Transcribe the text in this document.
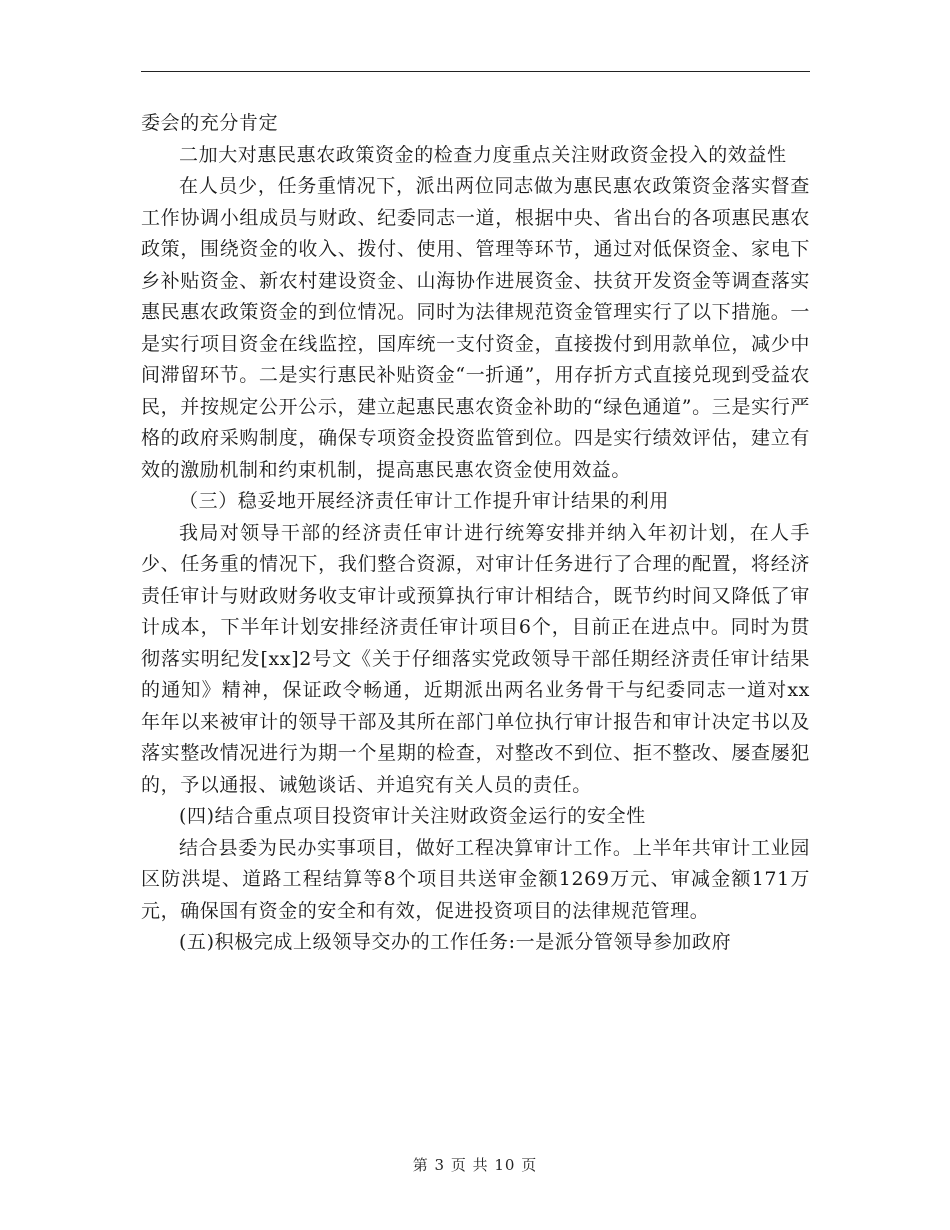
委会的充分肯定

二加大对惠民惠农政策资金的检查力度重点关注财政资金投入的效益性

在人员少，任务重情况下，派出两位同志做为惠民惠农政策资金落实督查工作协调小组成员与财政、纪委同志一道，根据中央、省出台的各项惠民惠农政策，围绕资金的收入、拨付、使用、管理等环节，通过对低保资金、家电下乡补贴资金、新农村建设资金、山海协作进展资金、扶贫开发资金等调查落实惠民惠农政策资金的到位情况。同时为法律规范资金管理实行了以下措施。一是实行项目资金在线监控，国库统一支付资金，直接拨付到用款单位，减少中间滞留环节。二是实行惠民补贴资金“一折通”，用存折方式直接兑现到受益农民，并按规定公开公示，建立起惠民惠农资金补助的“绿色通道”。三是实行严格的政府采购制度，确保专项资金投资监管到位。四是实行绩效评估，建立有效的激励机制和约束机制，提高惠民惠农资金使用效益。

（三）稳妥地开展经济责任审计工作提升审计结果的利用

我局对领导干部的经济责任审计进行统筹安排并纳入年初计划，在人手少、任务重的情况下，我们整合资源，对审计任务进行了合理的配置，将经济责任审计与财政财务收支审计或预算执行审计相结合，既节约时间又降低了审计成本，下半年计划安排经济责任审计项目6个，目前正在进点中。同时为贯彻落实明纪发[xx]2号文《关于仔细落实党政领导干部任期经济责任审计结果的通知》精神，保证政令畅通，近期派出两名业务骨干与纪委同志一道对xx年年以来被审计的领导干部及其所在部门单位执行审计报告和审计决定书以及落实整改情况进行为期一个星期的检查，对整改不到位、拒不整改、屡查屡犯的，予以通报、诫勉谈话、并追究有关人员的责任。

(四)结合重点项目投资审计关注财政资金运行的安全性

结合县委为民办实事项目，做好工程决算审计工作。上半年共审计工业园区防洪堤、道路工程结算等8个项目共送审金额1269万元、审减金额171万元，确保国有资金的安全和有效，促进投资项目的法律规范管理。

(五)积极完成上级领导交办的工作任务:一是派分管领导参加政府

第 3 页 共 10 页
